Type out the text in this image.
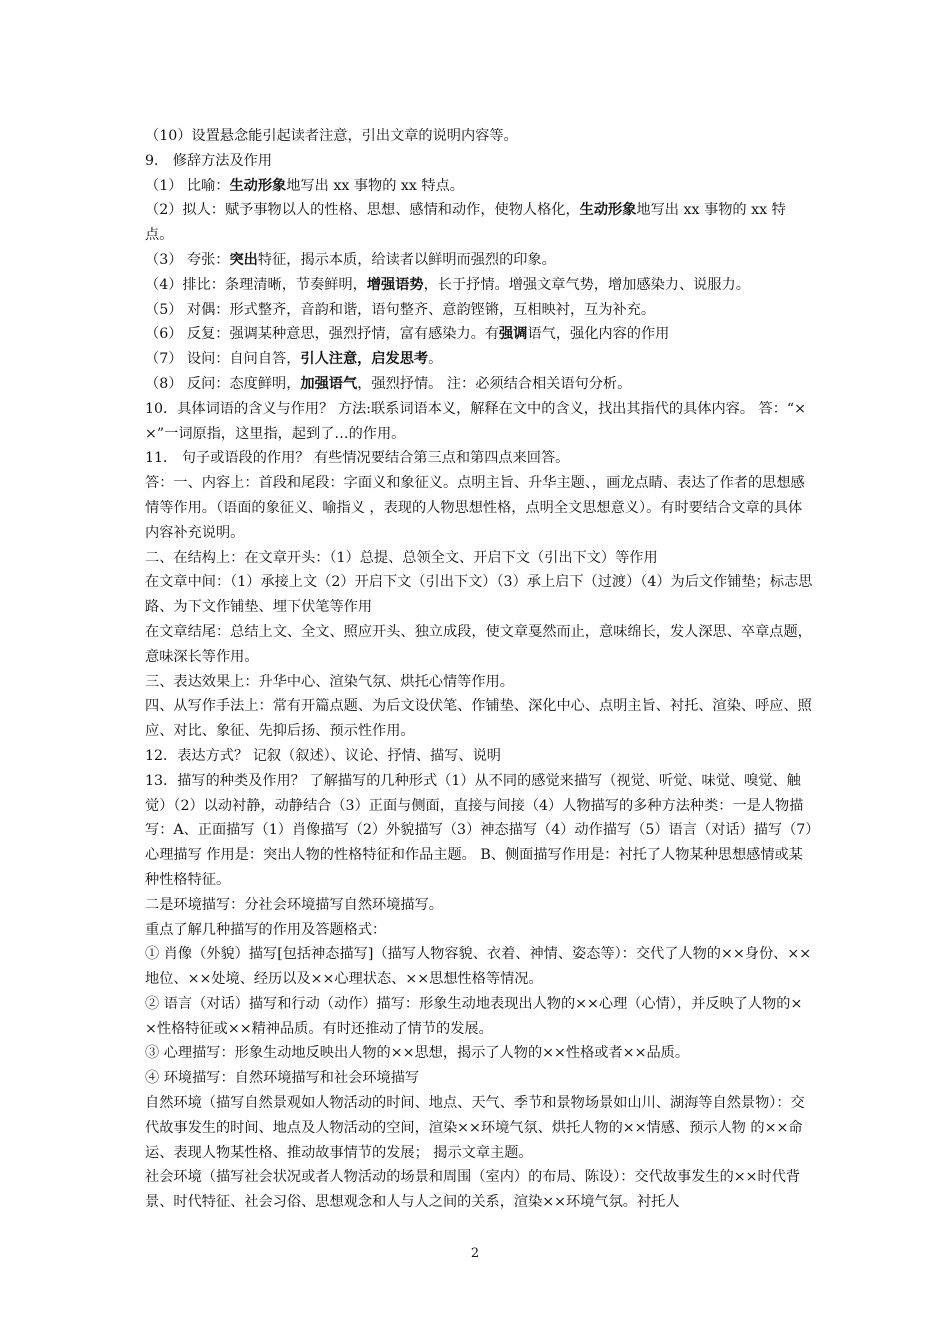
（10）设置悬念能引起读者注意，引出文章的说明内容等。

9． 修辞方法及作用

（1） 比喻：生动形象地写出 xx 事物的 xx 特点。

（2）拟人：赋予事物以人的性格、思想、感情和动作，使物人格化，生动形象地写出 xx 事物的 xx 特点。

（3） 夸张：突出特征，揭示本质，给读者以鲜明而强烈的印象。

（4）排比：条理清晰，节奏鲜明，增强语势，长于抒情。增强文章气势，增加感染力、说服力。

（5） 对偶：形式整齐，音韵和谐，语句整齐、意韵铿锵，互相映衬，互为补充。

（6） 反复：强调某种意思，强烈抒情，富有感染力。有强调语气，强化内容的作用

（7） 设问：自问自答，引人注意，启发思考。

（8） 反问：态度鲜明，加强语气，强烈抒情。 注：必须结合相关语句分析。

10．具体词语的含义与作用？ 方法:联系词语本义，解释在文中的含义，找出其指代的具体内容。 答：“××”一词原指，这里指，起到了…的作用。

11． 句子或语段的作用？ 有些情况要结合第三点和第四点来回答。

答：一、内容上：首段和尾段：字面义和象征义。点明主旨、升华主题、，画龙点睛、表达了作者的思想感情等作用。（语面的象征义、喻指义 ，表现的人物思想性格，点明全文思想意义）。有时要结合文章的具体内容补充说明。

二、在结构上：在文章开头：（1）总提、总领全文、开启下文（引出下文）等作用

在文章中间：（1）承接上文（2）开启下文（引出下文）（3）承上启下（过渡）（4）为后文作铺垫；标志思路、为下文作铺垫、埋下伏笔等作用

在文章结尾：总结上文、全文、照应开头、独立成段，使文章戛然而止，意味绵长，发人深思、卒章点题，意味深长等作用。

三、表达效果上：升华中心、渲染气氛、烘托心情等作用。

四、从写作手法上：常有开篇点题、为后文设伏笔、作铺垫、深化中心、点明主旨、衬托、渲染、呼应、照应、对比、象征、先抑后扬、预示性作用。

12．表达方式？ 记叙（叙述）、议论、抒情、描写、说明

13．描写的种类及作用？ 了解描写的几种形式（1）从不同的感觉来描写（视觉、听觉、味觉、嗅觉、触觉）（2）以动衬静，动静结合（3）正面与侧面，直接与间接（4）人物描写的多种方法种类：一是人物描写：A、正面描写（1）肖像描写（2）外貌描写（3）神态描写（4）动作描写（5）语言（对话）描写（7）心理描写 作用是：突出人物的性格特征和作品主题。 B、侧面描写作用是：衬托了人物某种思想感情或某种性格特征。

二是环境描写：分社会环境描写自然环境描写。

重点了解几种描写的作用及答题格式：

① 肖像（外貌）描写[包括神态描写]（描写人物容貌、衣着、神情、姿态等）：交代了人物的××身份、××地位、××处境、经历以及××心理状态、××思想性格等情况。

② 语言（对话）描写和行动（动作）描写：形象生动地表现出人物的××心理（心情），并反映了人物的××性格特征或××精神品质。有时还推动了情节的发展。

③ 心理描写：形象生动地反映出人物的××思想，揭示了人物的××性格或者××品质。

④ 环境描写：自然环境描写和社会环境描写

自然环境（描写自然景观如人物活动的时间、地点、天气、季节和景物场景如山川、湖海等自然景物）：交代故事发生的时间、地点及人物活动的空间，渲染××环境气氛、烘托人物的××情感、预示人物 的××命运、表现人物某性格、推动故事情节的发展； 揭示文章主题。

社会环境（描写社会状况或者人物活动的场景和周围（室内）的布局、陈设）：交代故事发生的××时代背景、时代特征、社会习俗、思想观念和人与人之间的关系，渲染××环境气氛。衬托人

2
